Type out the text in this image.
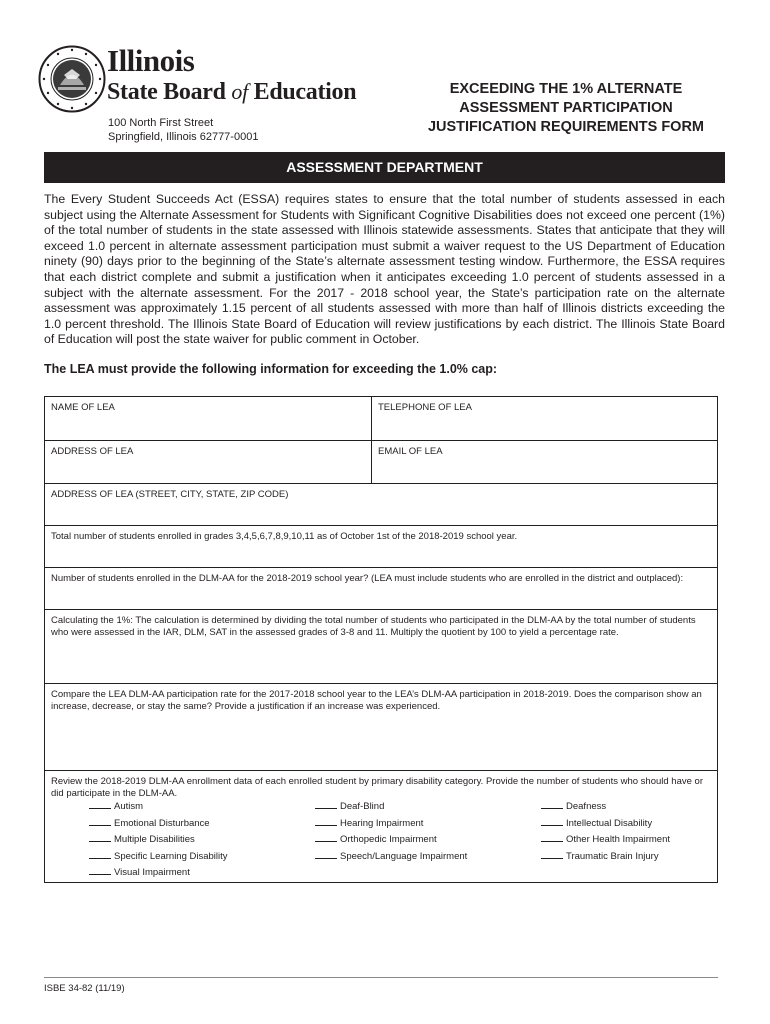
Illinois
State Board of Education
100 North First Street
Springfield, Illinois 62777-0001
EXCEEDING THE 1% ALTERNATE ASSESSMENT PARTICIPATION JUSTIFICATION REQUIREMENTS FORM
ASSESSMENT DEPARTMENT
The Every Student Succeeds Act (ESSA) requires states to ensure that the total number of students assessed in each subject using the Alternate Assessment for Students with Significant Cognitive Disabilities does not exceed one percent (1%) of the total number of students in the state assessed with Illinois statewide assessments. States that anticipate that they will exceed 1.0 percent in alternate assessment participation must submit a waiver request to the US Department of Education ninety (90) days prior to the beginning of the State’s alternate assessment testing window. Furthermore, the ESSA requires that each district complete and submit a justification when it anticipates exceeding 1.0 percent of students assessed in a subject with the alternate assessment. For the 2017 - 2018 school year, the State’s participation rate on the alternate assessment was approximately 1.15 percent of all students assessed with more than half of Illinois districts exceeding the 1.0 percent threshold. The Illinois State Board of Education will review justifications by each district. The Illinois State Board of Education will post the state waiver for public comment in October.
The LEA must provide the following information for exceeding the 1.0% cap:
NAME OF LEA	TELEPHONE OF LEA
ADDRESS OF LEA	EMAIL OF LEA
ADDRESS OF LEA (STREET, CITY, STATE, ZIP CODE)
Total number of students enrolled in grades 3,4,5,6,7,8,9,10,11 as of October 1st of the 2018-2019 school year.
Number of students enrolled in the DLM-AA for the 2018-2019 school year? (LEA must include students who are enrolled in the district and outplaced):
Calculating the 1%: The calculation is determined by dividing the total number of students who participated in the DLM-AA by the total number of students who were assessed in the IAR, DLM, SAT in the assessed grades of 3-8 and 11. Multiply the quotient by 100 to yield a percentage rate.
Compare the LEA DLM-AA participation rate for the 2017-2018 school year to the LEA’s DLM-AA participation in 2018-2019. Does the comparison show an increase, decrease, or stay the same? Provide a justification if an increase was experienced.
Review the 2018-2019 DLM-AA enrollment data of each enrolled student by primary disability category. Provide the number of students who should have or did participate in the DLM-AA.
Autism	Deaf-Blind	Deafness
Emotional Disturbance	Hearing Impairment	Intellectual Disability
Multiple Disabilities	Orthopedic Impairment	Other Health Impairment
Specific Learning Disability	Speech/Language Impairment	Traumatic Brain Injury
Visual Impairment
ISBE 34-82 (11/19)
